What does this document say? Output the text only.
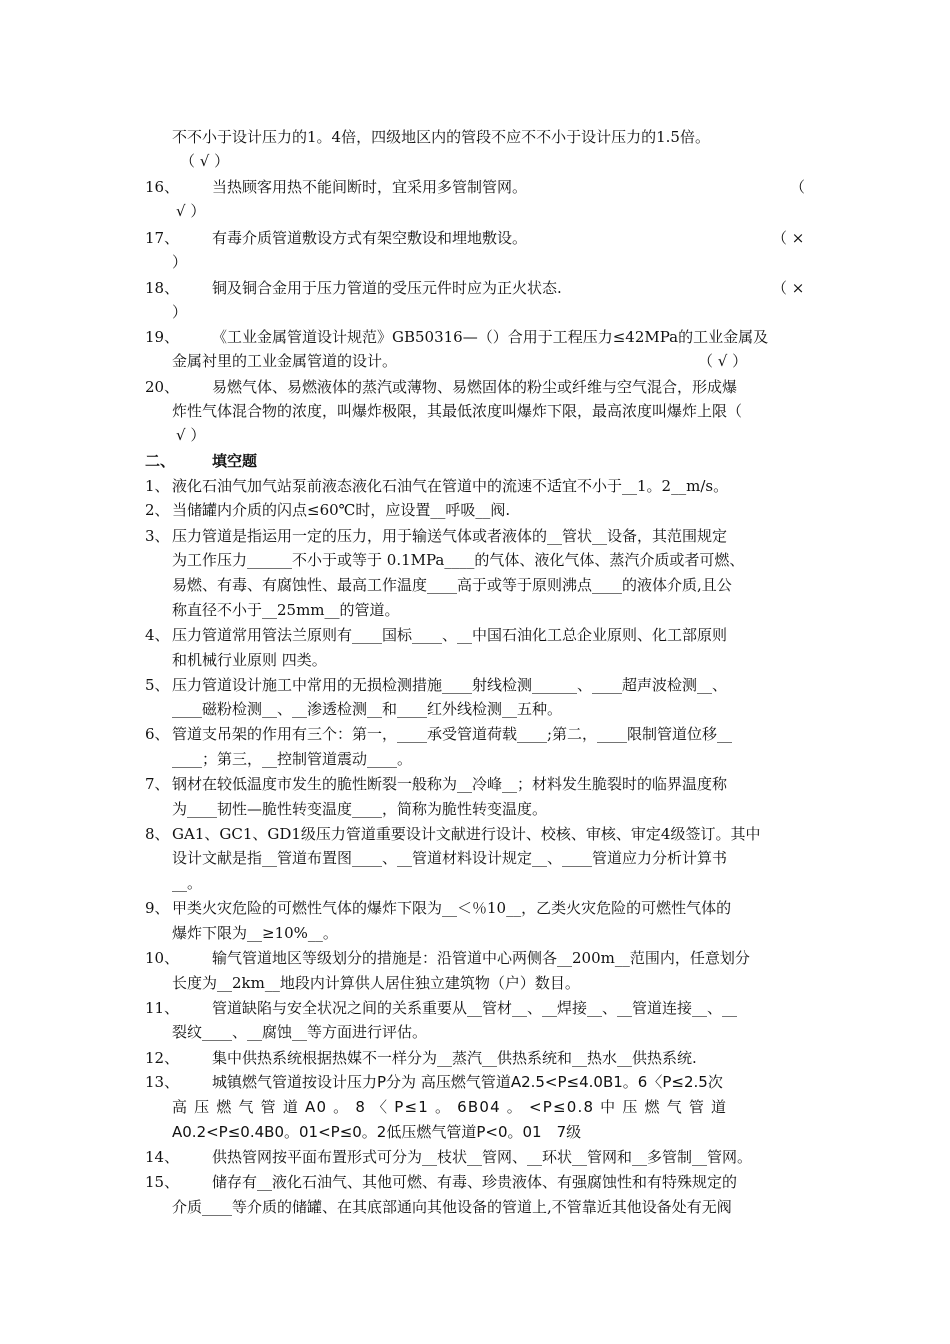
不不小于设计压力的1。4倍，四级地区内的管段不应不不小于设计压力的1.5倍。
（ √ ）
16、 当热顾客用热不能间断时，宜采用多管制管网。	（
√ ）
17、 有毒介质管道敷设方式有架空敷设和埋地敷设。	（ ×
）
18、 铜及铜合金用于压力管道的受压元件时应为正火状态.	（ ×
）
19、 《工业金属管道设计规范》GB50316—（）合用于工程压力≤42MPa的工业金属及
金属衬里的工业金属管道的设计。	（ √ ）
20、 易燃气体、易燃液体的蒸汽或薄物、易燃固体的粉尘或纤维与空气混合，形成爆
炸性气体混合物的浓度，叫爆炸极限，其最低浓度叫爆炸下限，最高浓度叫爆炸上限（
√ ）
二、 填空题
1、 液化石油气加气站泵前液态液化石油气在管道中的流速不适宜不小于__1。2__m/s。
2、 当储罐内介质的闪点≤60℃时，应设置__呼吸__阀.
3、 压力管道是指运用一定的压力，用于输送气体或者液体的__管状__设备，其范围规定
为工作压力______不小于或等于 0.1MPa____的气体、液化气体、蒸汽介质或者可燃、
易燃、有毒、有腐蚀性、最高工作温度____高于或等于原则沸点____的液体介质,且公
称直径不小于__25mm__的管道。
4、 压力管道常用管法兰原则有____国标____、__中国石油化工总企业原则、化工部原则
和机械行业原则 四类。
5、 压力管道设计施工中常用的无损检测措施____射线检测______、____超声波检测__、
____磁粉检测__、__渗透检测__和____红外线检测__五种。
6、 管道支吊架的作用有三个：第一，____承受管道荷载____;第二，____限制管道位移__
____；第三，__控制管道震动____。
7、 钢材在较低温度市发生的脆性断裂一般称为__冷峰__；材料发生脆裂时的临界温度称
为____韧性—脆性转变温度____，简称为脆性转变温度。
8、 GA1、GC1、GD1级压力管道重要设计文献进行设计、校核、审核、审定4级签订。其中
设计文献是指__管道布置图____、__管道材料设计规定__、____管道应力分析计算书
__。
9、 甲类火灾危险的可燃性气体的爆炸下限为__＜％10__，乙类火灾危险的可燃性气体的
爆炸下限为__≥10%__。
10、 输气管道地区等级划分的措施是：沿管道中心两侧各__200m__范围内，任意划分
长度为__2km__地段内计算供人居住独立建筑物（户）数目。
11、 管道缺陷与安全状况之间的关系重要从__管材__、__焊接__、__管道连接__、__
裂纹____、__腐蚀__等方面进行评估。
12、 集中供热系统根据热媒不一样分为__蒸汽__供热系统和__热水__供热系统.
13、 城镇燃气管道按设计压力P分为 高压燃气管道A2.5<P≤4.0B1。6〈P≤2.5次
高 压 燃 气 管 道 A0 。 8 〈 P≤1 。 6B04 。 <P≤0.8 中 压 燃 气 管 道
A0.2<P≤0.4B0。01<P≤0。2低压燃气管道P<0。01　7级
14、 供热管网按平面布置形式可分为__枝状__管网、__环状__管网和__多管制__管网。
15、 储存有__液化石油气、其他可燃、有毒、珍贵液体、有强腐蚀性和有特殊规定的
介质____等介质的储罐、在其底部通向其他设备的管道上,不管靠近其他设备处有无阀
